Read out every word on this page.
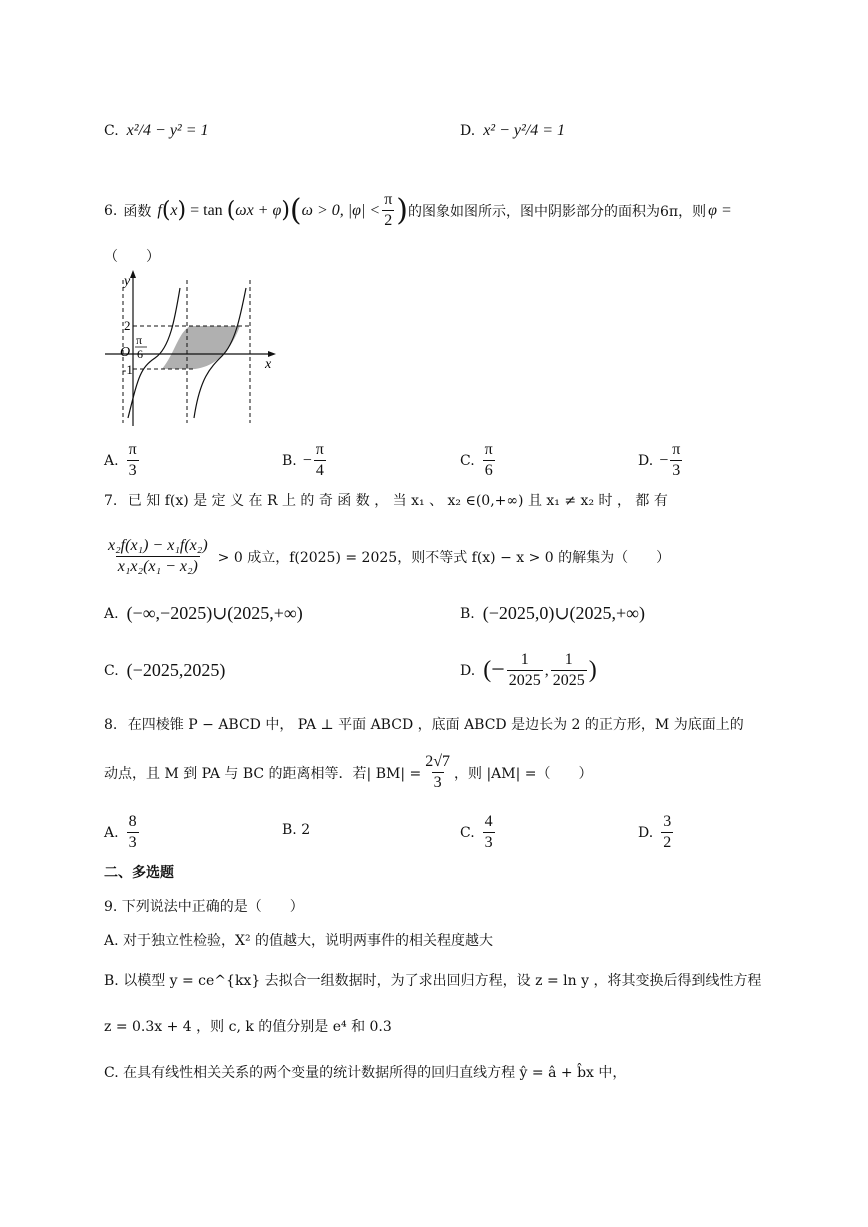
C. x²/4 − y² = 1	D. x² − y²/4 = 1
6. 函数 f ( x ) = tan ( ωx + φ ) ( ω > 0, $|\varphi| < \frac{\pi}{2}$ ) 的图象如图所示，图中阴影部分的面积为6π，则 φ =
（　　）
y
x
O
2
-1
π
6
A. $\frac{\pi}{3}$	B. − $\frac{\pi}{4}$	C. $\frac{\pi}{6}$	D. − $\frac{\pi}{3}$
7. 已 知 f(x) 是 定 义 在 R 上 的 奇 函 数 ， 当 x₁ 、 x₂ ∈(0,+∞) 且 x₁ ≠ x₂ 时 ， 都 有
$\frac{\text{x₂f(x₁) − x₁f(x₂)}}{\text{x₁x₂(x₁ − x₂)}} > 0$ 成立，f(2025) = 2025，则不等式 f(x) − x > 0 的解集为（　　）
A. (−∞,−2025)∪(2025,+∞)	B. (−2025,0)∪(2025,+∞)
C. (−2025,2025)	D. (− $\frac{1}{2025}$ , $\frac{1}{2025}$ )
8. 在四棱锥 P − ABCD 中， PA ⊥ 平面 ABCD ，底面 ABCD 是边长为 2 的正方形，M 为底面上的
动点，且 M 到 PA 与 BC 的距离相等．若| $BM| = \frac{2√7}{3}$ ，则 |AM| =（　　）
A. $\frac{8}{3}$	B. 2	C. $\frac{4}{3}$	D. $\frac{3}{2}$
二、多选题
9. 下列说法中正确的是（　　）
A. 对于独立性检验，X² 的值越大，说明两事件的相关程度越大
B. 以模型 y = ce^{kx} 去拟合一组数据时，为了求出回归方程，设 z = ln y ，将其变换后得到线性方程
z = 0.3x + 4 ，则 c, k 的值分别是 e⁴ 和 0.3
C. 在具有线性相关关系的两个变量的统计数据所得的回归直线方程 ŷ = â + b̂x 中，
